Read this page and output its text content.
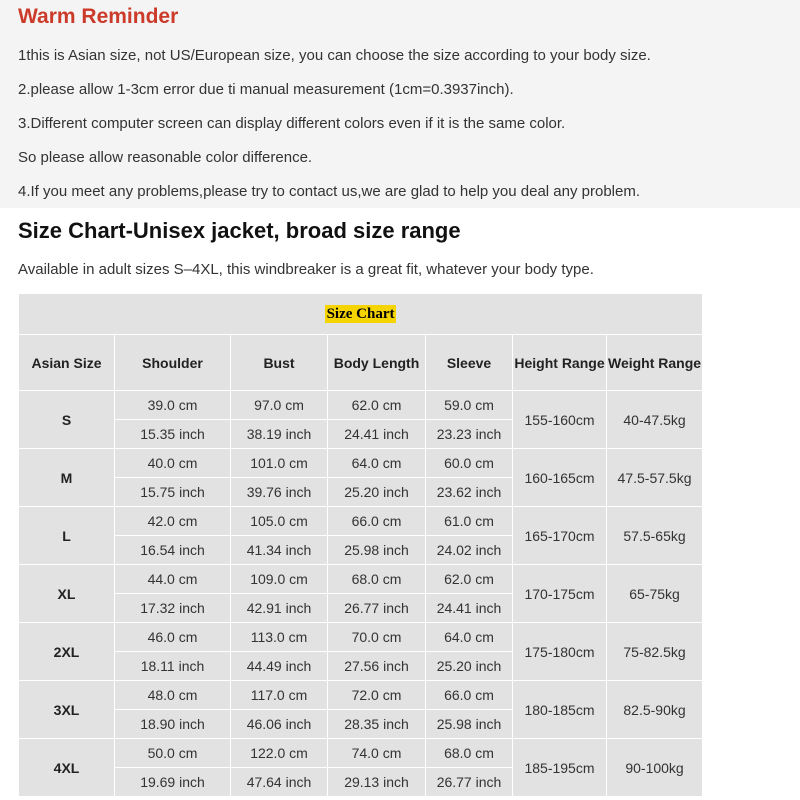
Warm Reminder

1this is Asian size, not US/European size, you can choose the size according to your body size.

2.please allow 1-3cm error due ti manual measurement (1cm=0.3937inch).

3.Different computer screen can display different colors even if it is the same color.

So please allow reasonable color difference.

4.If you meet any problems,please try to contact us,we are glad to help you deal any problem.

Size Chart-Unisex jacket, broad size range

Available in adult sizes S–4XL, this windbreaker is a great fit, whatever your body type.

Size Chart						
Asian Size	Shoulder	Bust	Body Length	Sleeve	Height Range	Weight Range
S	39.0 cm	97.0 cm	62.0 cm	59.0 cm	155-160cm	40-47.5kg
	15.35 inch	38.19 inch	24.41 inch	23.23 inch		
M	40.0 cm	101.0 cm	64.0 cm	60.0 cm	160-165cm	47.5-57.5kg
	15.75 inch	39.76 inch	25.20 inch	23.62 inch		
L	42.0 cm	105.0 cm	66.0 cm	61.0 cm	165-170cm	57.5-65kg
	16.54 inch	41.34 inch	25.98 inch	24.02 inch		
XL	44.0 cm	109.0 cm	68.0 cm	62.0 cm	170-175cm	65-75kg
	17.32 inch	42.91 inch	26.77 inch	24.41 inch		
2XL	46.0 cm	113.0 cm	70.0 cm	64.0 cm	175-180cm	75-82.5kg
	18.11 inch	44.49 inch	27.56 inch	25.20 inch		
3XL	48.0 cm	117.0 cm	72.0 cm	66.0 cm	180-185cm	82.5-90kg
	18.90 inch	46.06 inch	28.35 inch	25.98 inch		
4XL	50.0 cm	122.0 cm	74.0 cm	68.0 cm	185-195cm	90-100kg
	19.69 inch	47.64 inch	29.13 inch	26.77 inch		
